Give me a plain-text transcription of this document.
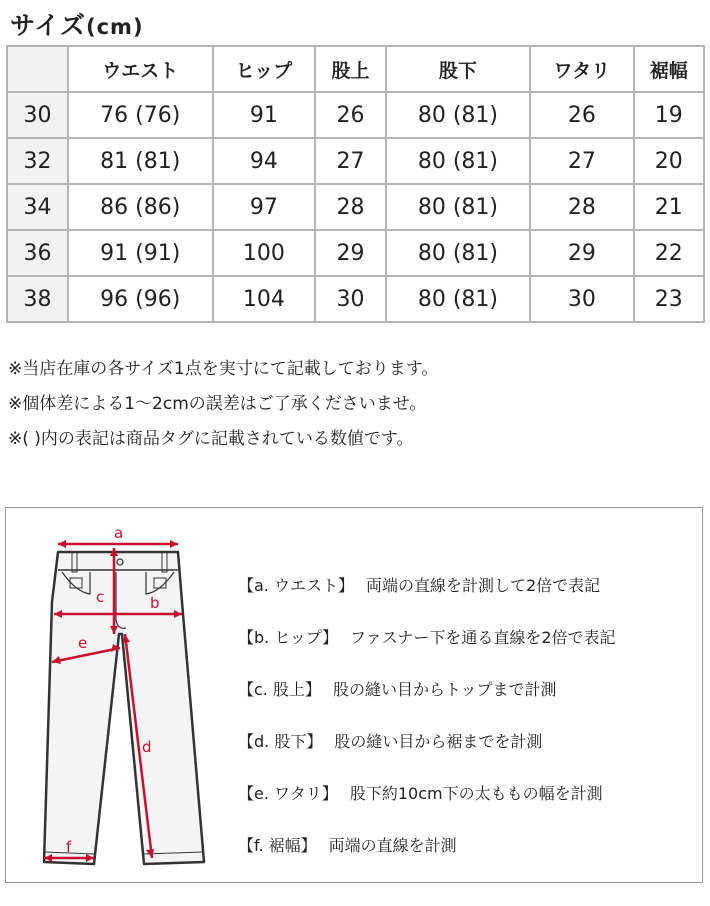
サイズ(cm)
	ウエスト	ヒップ	股上	股下	ワタリ	裾幅
30	76 (76)	91	26	80 (81)	26	19
32	81 (81)	94	27	80 (81)	27	20
34	86 (86)	97	28	80 (81)	28	21
36	91 (91)	100	29	80 (81)	29	22
38	96 (96)	104	30	80 (81)	30	23
※当店在庫の各サイズ1点を実寸にて記載しております。
※個体差による1〜2cmの誤差はご了承くださいませ。
※( )内の表記は商品タグに記載されている数値です。
a
b
c
d
e
f
【a. ウエスト】 両端の直線を計測して2倍で表記
【b. ヒップ】 ファスナー下を通る直線を2倍で表記
【c. 股上】 股の縫い目からトップまで計測
【d. 股下】 股の縫い目から裾までを計測
【e. ワタリ】 股下約10cm下の太ももの幅を計測
【f. 裾幅】 両端の直線を計測
